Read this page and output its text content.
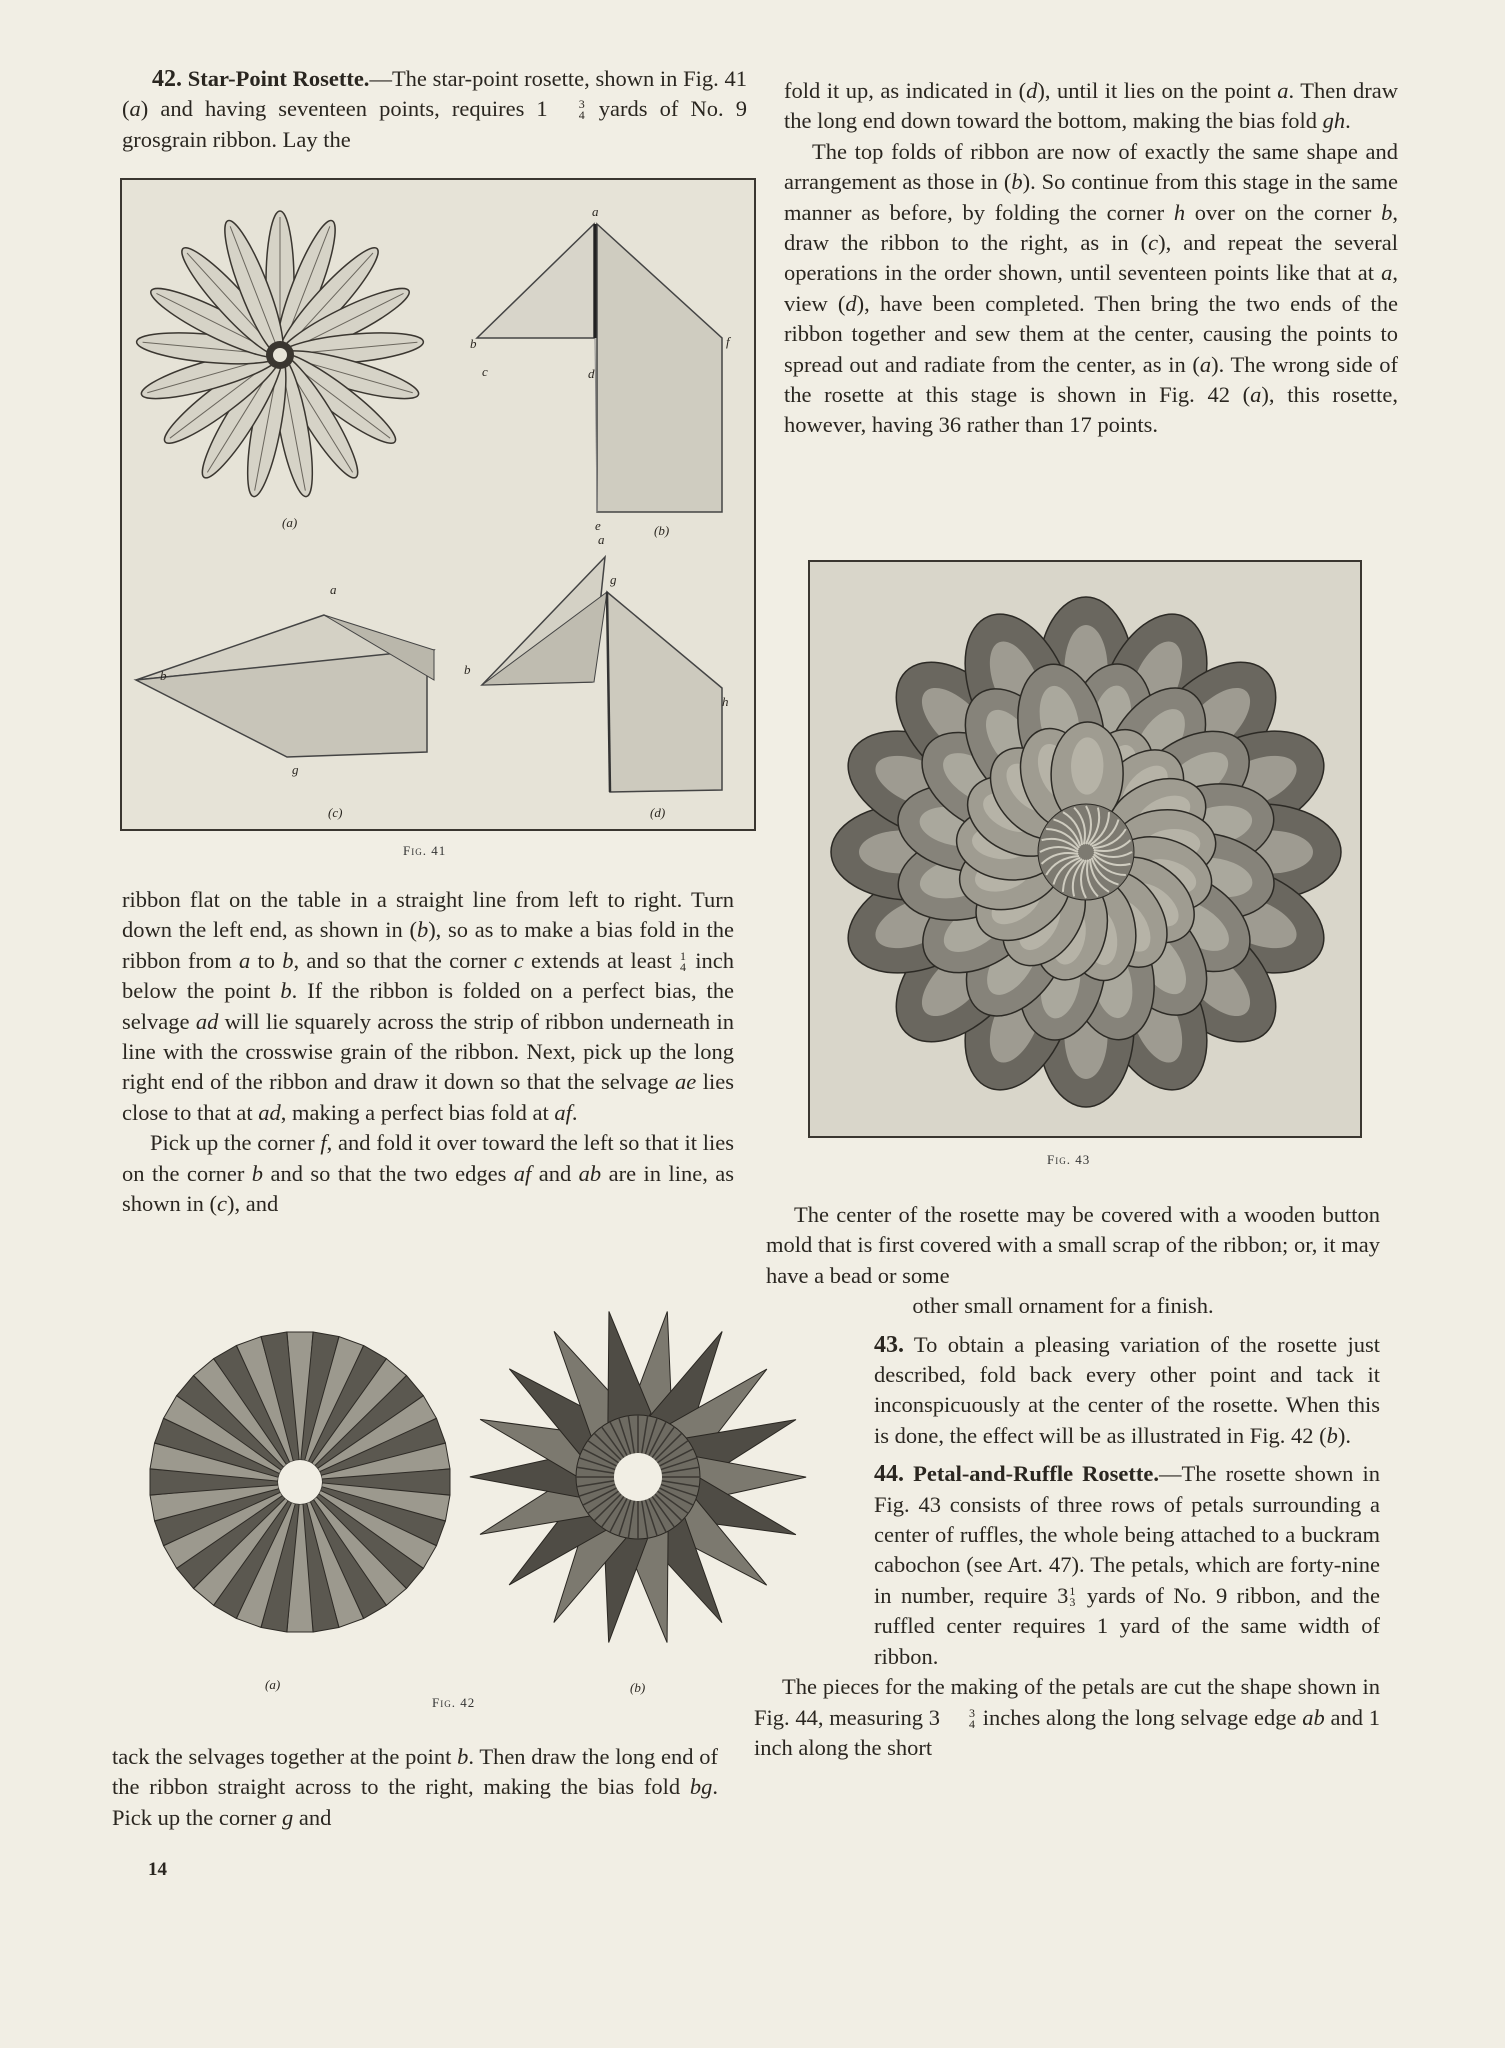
42. Star-Point Rosette.—The star-point rosette, shown in Fig. 41 (a) and having seventeen points, requires 1	3
4 yards of No. 9 grosgrain ribbon. Lay the

(a)
(b)
(c)	(d)
a
b
c	d
e
f
a
b
g
a
g
b
h
Fig. 41

ribbon flat on the table in a straight line from left to right. Turn down the left end, as shown in (b), so as to make a bias fold in the ribbon from a to b, and so that the corner c extends at least 1
4 inch below the point b. If the ribbon is folded on a perfect bias, the selvage ad will lie squarely across the strip of ribbon underneath in line with the crosswise grain of the ribbon. Next, pick up the long right end of the ribbon and draw it down so that the selvage ae lies close to that at ad, making a perfect bias fold at af.

Pick up the corner f, and fold it over toward the left so that it lies on the corner b and so that the two edges af and ab are in line, as shown in (c), and

(a)	(b)
Fig. 42

tack the selvages together at the point b. Then draw the long end of the ribbon straight across to the right, making the bias fold bg. Pick up the corner g and

14

fold it up, as indicated in (d), until it lies on the point a. Then draw the long end down toward the bottom, making the bias fold gh.

The top folds of ribbon are now of exactly the same shape and arrangement as those in (b). So continue from this stage in the same manner as before, by folding the corner h over on the corner b, draw the ribbon to the right, as in (c), and repeat the several operations in the order shown, until seventeen points like that at a, view (d), have been completed. Then bring the two ends of the ribbon together and sew them at the center, causing the points to spread out and radiate from the center, as in (a). The wrong side of the rosette at this stage is shown in Fig. 42 (a), this rosette, however, having 36 rather than 17 points.

Fig. 43

The center of the rosette may be covered with a wooden button mold that is first covered with a small scrap of the ribbon; or, it may have a bead or some

other small ornament for a finish.

43. To obtain a pleasing variation of the rosette just described, fold back every other point and tack it inconspicuously at the center of the rosette. When this is done, the effect will be as illustrated in Fig. 42 (b).

44. Petal-and-Ruffle Rosette.—The rosette shown in Fig. 43 consists of three rows of petals surrounding a center of ruffles, the whole being attached to a buckram cabochon (see Art. 47). The petals, which are forty-nine in number, require 3 1
3 yards of No. 9 ribbon, and the ruffled center requires 1 yard of the same width of ribbon.

The pieces for the making of the petals are cut the shape shown in Fig. 44, measuring 3	3
4 inches along the long selvage edge ab and 1 inch along the short
